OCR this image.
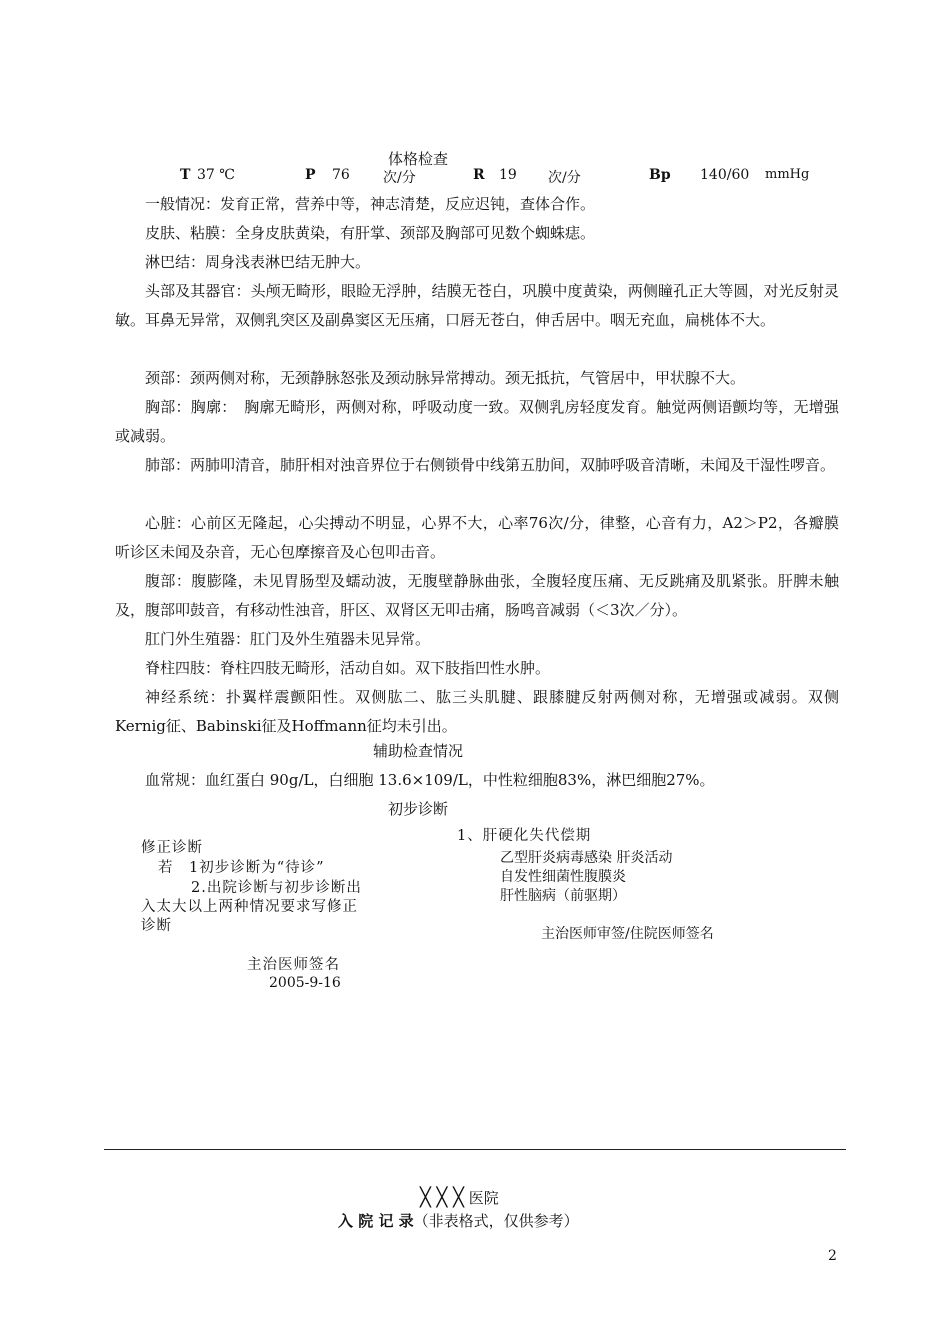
体格检查
T 37 ℃	P 76 次/分	R 19 次/分	Bp 140/60 mmHg
一般情况：发育正常，营养中等，神志清楚，反应迟钝，查体合作。
皮肤、粘膜：全身皮肤黄染，有肝掌、颈部及胸部可见数个蜘蛛痣。
淋巴结：周身浅表淋巴结无肿大。
头部及其器官：头颅无畸形，眼睑无浮肿，结膜无苍白，巩膜中度黄染，两侧瞳孔正大等圆，对光反射灵敏。耳鼻无异常，双侧乳突区及副鼻窦区无压痛，口唇无苍白，伸舌居中。咽无充血，扁桃体不大。
颈部：颈两侧对称，无颈静脉怒张及颈动脉异常搏动。颈无抵抗，气管居中，甲状腺不大。
胸部：胸廓：　胸廓无畸形，两侧对称，呼吸动度一致。双侧乳房轻度发育。触觉两侧语颤均等，无增强或减弱。
肺部：两肺叩清音，肺肝相对浊音界位于右侧锁骨中线第五肋间，双肺呼吸音清晰，未闻及干湿性啰音。
心脏：心前区无隆起，心尖搏动不明显，心界不大，心率76次/分，律整，心音有力，A2＞P2，各瓣膜听诊区未闻及杂音，无心包摩擦音及心包叩击音。
腹部：腹膨隆，未见胃肠型及蠕动波，无腹壁静脉曲张，全腹轻度压痛、无反跳痛及肌紧张。肝脾未触及，腹部叩鼓音，有移动性浊音，肝区、双肾区无叩击痛，肠鸣音减弱（＜3次／分）。
肛门外生殖器：肛门及外生殖器未见异常。
脊柱四肢：脊柱四肢无畸形，活动自如。双下肢指凹性水肿。
神经系统：扑翼样震颤阳性。双侧肱二、肱三头肌腱、跟膝腱反射两侧对称，无增强或减弱。双侧Kernig征、Babinski征及Hoffmann征均未引出。
辅助检查情况
血常规：血红蛋白 90g/L，白细胞 13.6×109/L，中性粒细胞83%，淋巴细胞27%。
初步诊断
修正诊断
若　1初步诊断为“待诊”
2.出院诊断与初步诊断出
入太大以上两种情况要求写修正
诊断
主治医师签名
2005-9-16
1、肝硬化失代偿期
乙型肝炎病毒感染 肝炎活动
自发性细菌性腹膜炎
肝性脑病（前驱期）
主治医师审签/住院医师签名
╳ ╳ ╳ 医院
入 院 记 录（非表格式，仅供参考）
2
